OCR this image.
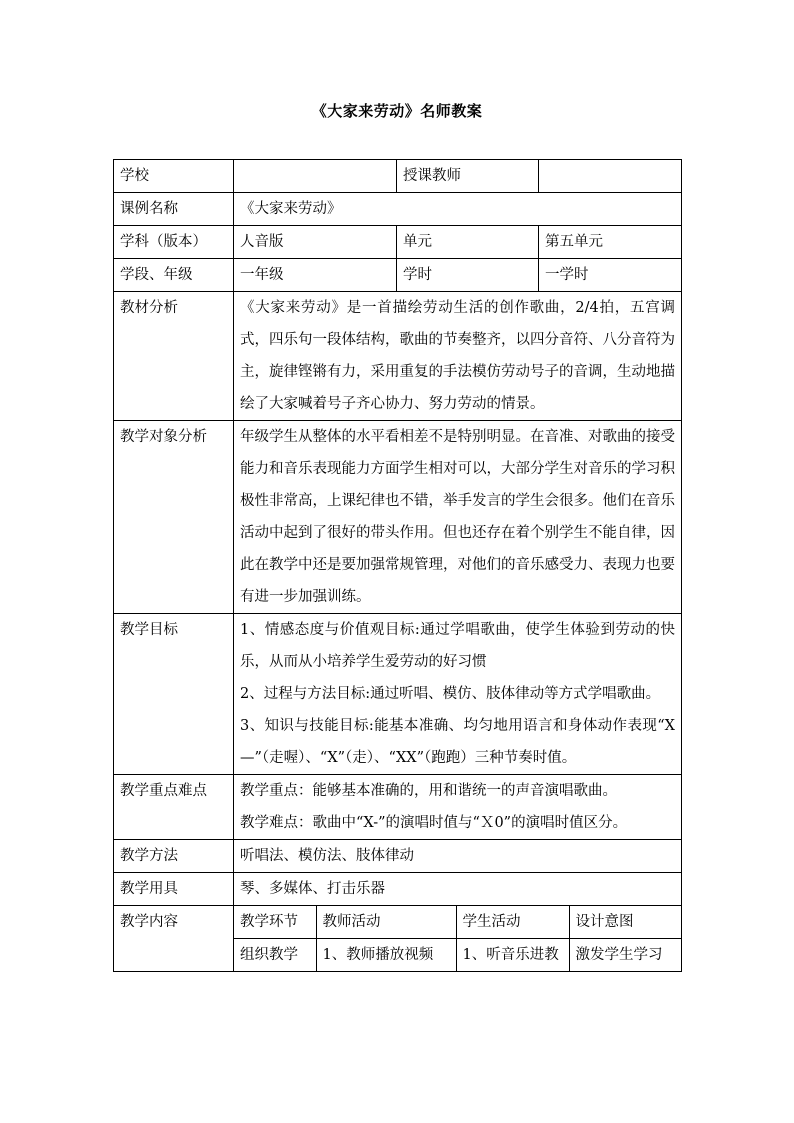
《大家来劳动》名师教案
学校		授课教师	
课例名称	《大家来劳动》
学科（版本）	人音版	单元	第五单元
学段、年级	一年级	学时	一学时
教材分析	《大家来劳动》是一首描绘劳动生活的创作歌曲，2/4拍，五宫调式，四乐句一段体结构，歌曲的节奏整齐，以四分音符、八分音符为主，旋律铿锵有力，采用重复的手法模仿劳动号子的音调，生动地描绘了大家喊着号子齐心协力、努力劳动的情景。
教学对象分析	年级学生从整体的水平看相差不是特别明显。在音准、对歌曲的接受能力和音乐表现能力方面学生相对可以，大部分学生对音乐的学习积极性非常高，上课纪律也不错，举手发言的学生会很多。他们在音乐活动中起到了很好的带头作用。但也还存在着个别学生不能自律，因此在教学中还是要加强常规管理，对他们的音乐感受力、表现力也要有进一步加强训练。
教学目标	1、情感态度与价值观目标:通过学唱歌曲，使学生体验到劳动的快乐，从而从小培养学生爱劳动的好习惯
2、过程与方法目标:通过听唱、模仿、肢体律动等方式学唱歌曲。
3、知识与技能目标:能基本准确、均匀地用语言和身体动作表现“X—”（走喔）、“X”（走）、“XX”（跑跑）三种节奏时值。

教学重点难点	教学重点：能够基本准确的，用和谐统一的声音演唱歌曲。
教学难点：歌曲中“X-”的演唱时值与“Ｘ0”的演唱时值区分。

教学方法	听唱法、模仿法、肢体律动
教学用具	琴、多媒体、打击乐器
教学内容		教学环节	教师活动	学生活动	设计意图
组织教学	1、教师播放视频	1、听音乐进教	激发学生学习
